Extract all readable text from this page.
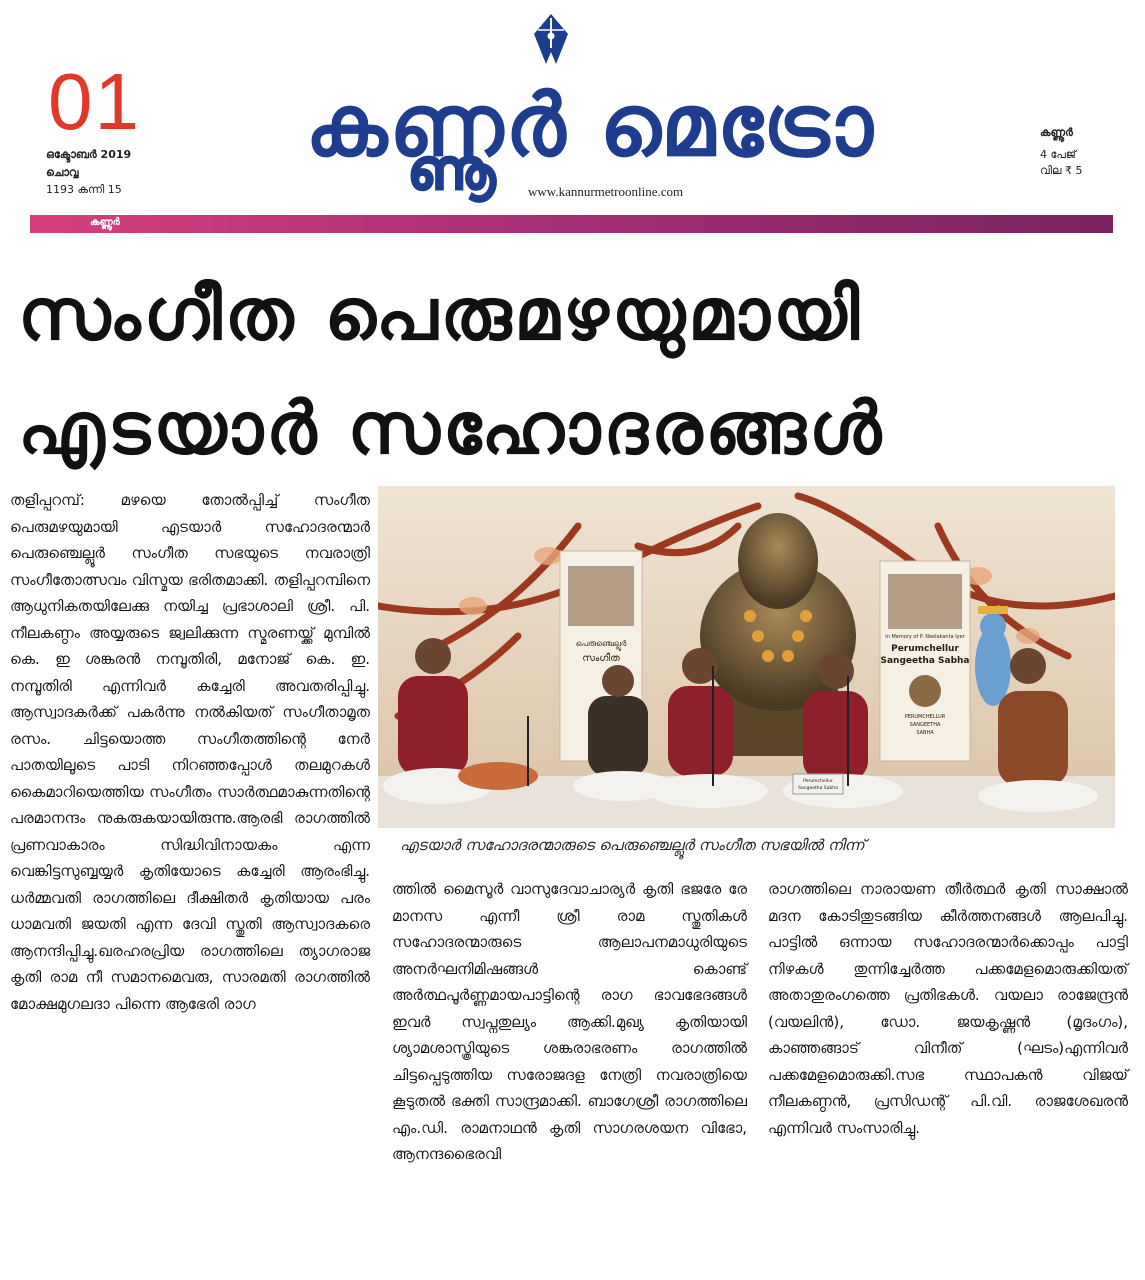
01
ഒക്ടോബർ 2019
ചൊവ്വ
1193 കന്നി 15
കണ്ണൂർ മെട്രോ
www.kannurmetroonline.com
കണ്ണൂർ
4 പേജ്
വില ₹ 5
കണ്ണൂർ
സംഗീത പെരുമഴയുമായി
എടയാർ സഹോദരങ്ങൾ

തളിപ്പറമ്പ്: മഴയെ തോൽപ്പിച്ച് സംഗീത പെരുമഴയുമായി എടയാർ സഹോദരന്മാർ പെരുഞ്ചെല്ലൂർ സംഗീത സഭയുടെ നവരാത്രി സംഗീതോത്സവം വിസ്മയ ഭരിതമാക്കി. തളിപ്പറമ്പിനെ ആധുനികതയിലേക്കു നയിച്ച പ്രഭാശാലി ശ്രീ. പി. നീലകണ്ഠം അയ്യരുടെ ജ്വലിക്കുന്ന സ്മരണയ്ക്ക് മുമ്പിൽ കെ. ഇ ശങ്കരൻ നമ്പൂതിരി, മനോജ് കെ. ഇ. നമ്പൂതിരി എന്നിവർ കച്ചേരി അവതരിപ്പിച്ചു. ആസ്വാദകർക്ക് പകർന്നു നൽകിയത് സംഗീതാമൃത രസം. ചിട്ടയൊത്ത സംഗീതത്തിന്റെ നേർ പാതയിലൂടെ പാടി നിറഞ്ഞപ്പോൾ തലമുറകൾ കൈമാറിയെത്തിയ സംഗീതം സാർത്ഥമാകുന്നതിന്റെ പരമാനന്ദം നുകരുകയായിരുന്നു.ആരഭി രാഗത്തിൽ പ്രണവാകാരം സിദ്ധിവിനായകം എന്ന വെങ്കിട്ടസുബ്ബയ്യർ കൃതിയോടെ കച്ചേരി ആരംഭിച്ചു. ധർമ്മവതി രാഗത്തിലെ ദീക്ഷിതർ കൃതിയായ പരം ധാമവതി ജയതി എന്ന ദേവി സ്തുതി ആസ്വാദകരെ ആനന്ദിപ്പിച്ചു.ഖരഹരപ്രിയ രാഗത്തിലെ ത്യാഗരാജ കൃതി രാമ നീ സമാനമെവരു, സാരമതി രാഗത്തിൽ മോക്ഷമുഗലദാ പിന്നെ ആഭേരി രാഗ

പെരുഞ്ചെല്ലൂർ
സംഗീത
In Memory of P. Neelakanta Iyer
Perumchellur
Sangeetha Sabha
PERUMCHELLUR
SANGEETHA
SABHA
Perumchellur
Sangeetha Sabha
എടയാർ സഹോദരന്മാരുടെ പെരുഞ്ചെല്ലൂർ സംഗീത സഭയിൽ നിന്ന്

ത്തിൽ മൈസൂർ വാസുദേവാചാര്യർ കൃതി ഭജരേ രേ മാനസ എന്നീ ശ്രീ രാമ സ്തുതികൾ സഹോദരന്മാരുടെ ആലാപനമാധുരിയുടെ അനർഘനിമിഷങ്ങൾ കൊണ്ട് അർത്ഥപൂർണ്ണമായപാട്ടിന്റെ രാഗ ഭാവഭേദങ്ങൾ ഇവർ സ്വപ്നതുല്യം ആക്കി.മുഖ്യ കൃതിയായി ശ്യാമശാസ്ത്രിയുടെ ശങ്കരാഭരണം രാഗത്തിൽ ചിട്ടപ്പെടുത്തിയ സരോജദള നേത്രി നവരാത്രിയെ കൂടുതൽ ഭക്തി സാന്ദ്രമാക്കി. ബാഗേശ്രീ രാഗത്തിലെ എം.ഡി. രാമനാഥൻ കൃതി സാഗരശയന വിഭോ, ആനന്ദഭൈരവി

രാഗത്തിലെ നാരായണ തീർത്ഥർ കൃതി സാക്ഷാൽ മദന കോടിതുടങ്ങിയ കീർത്തനങ്ങൾ ആലപിച്ചു. പാട്ടിൽ ഒന്നായ സഹോദരന്മാർക്കൊപ്പം പാട്ടി നിഴകൾ തുന്നിച്ചേർത്ത പക്കമേളമൊരുക്കിയത് അതാതുരംഗത്തെ പ്രതിഭകൾ. വയലാ രാജേന്ദ്രൻ (വയലിൻ), ഡോ. ജയകൃഷ്ണൻ (മൃദംഗം), കാഞ്ഞങ്ങാട് വിനീത് (ഘടം)എന്നിവർ പക്കമേളമൊരുക്കി.സഭ സ്ഥാപകൻ വിജയ് നീലകണ്ഠൻ, പ്രസിഡന്റ് പി.വി. രാജശേഖരൻ എന്നിവർ സംസാരിച്ചു.
